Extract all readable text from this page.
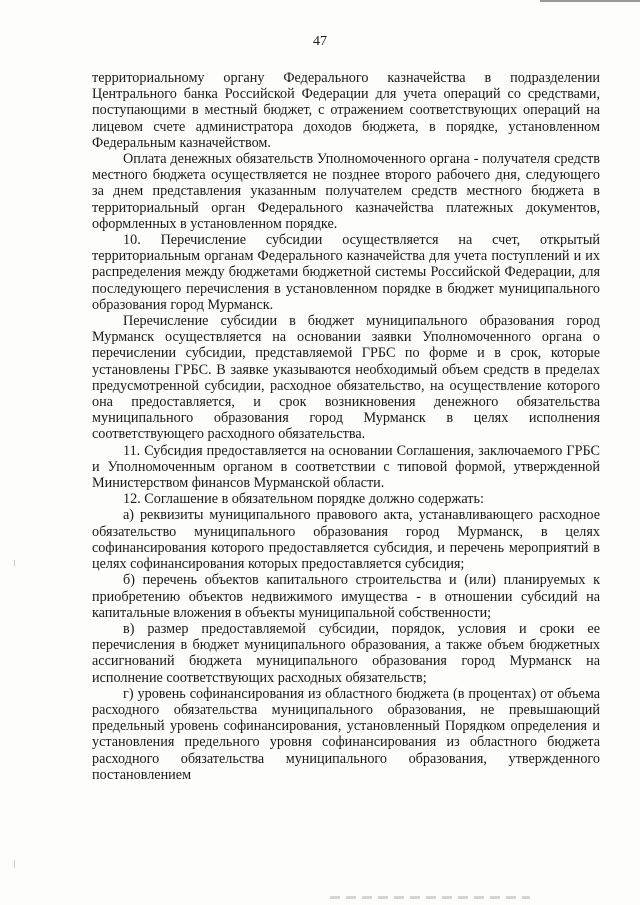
47

территориальному органу Федерального казначейства в подразделении Центрального банка Российской Федерации для учета операций со средствами, поступающими в местный бюджет, с отражением соответствующих операций на лицевом счете администратора доходов бюджета, в порядке, установленном Федеральным казначейством.

Оплата денежных обязательств Уполномоченного органа - получателя средств местного бюджета осуществляется не позднее второго рабочего дня, следующего за днем представления указанным получателем средств местного бюджета в территориальный орган Федерального казначейства платежных документов, оформленных в установленном порядке.

10. Перечисление субсидии осуществляется на счет, открытый территориальным органам Федерального казначейства для учета поступлений и их распределения между бюджетами бюджетной системы Российской Федерации, для последующего перечисления в установленном порядке в бюджет муниципального образования город Мурманск.

Перечисление субсидии в бюджет муниципального образования город Мурманск осуществляется на основании заявки Уполномоченного органа о перечислении субсидии, представляемой ГРБС по форме и в срок, которые установлены ГРБС. В заявке указываются необходимый объем средств в пределах предусмотренной субсидии, расходное обязательство, на осуществление которого она предоставляется, и срок возникновения денежного обязательства муниципального образования город Мурманск в целях исполнения соответствующего расходного обязательства.

11. Субсидия предоставляется на основании Соглашения, заключаемого ГРБС и Уполномоченным органом в соответствии с типовой формой, утвержденной Министерством финансов Мурманской области.

12. Соглашение в обязательном порядке должно содержать:

а) реквизиты муниципального правового акта, устанавливающего расходное обязательство муниципального образования город Мурманск, в целях софинансирования которого предоставляется субсидия, и перечень мероприятий в целях софинансирования которых предоставляется субсидия;

б) перечень объектов капитального строительства и (или) планируемых к приобретению объектов недвижимого имущества - в отношении субсидий на капитальные вложения в объекты муниципальной собственности;

в) размер предоставляемой субсидии, порядок, условия и сроки ее перечисления в бюджет муниципального образования, а также объем бюджетных ассигнований бюджета муниципального образования город Мурманск на исполнение соответствующих расходных обязательств;

г) уровень софинансирования из областного бюджета (в процентах) от объема расходного обязательства муниципального образования, не превышающий предельный уровень софинансирования, установленный Порядком определения и установления предельного уровня софинансирования из областного бюджета расходного обязательства муниципального образования, утвержденного постановлением
